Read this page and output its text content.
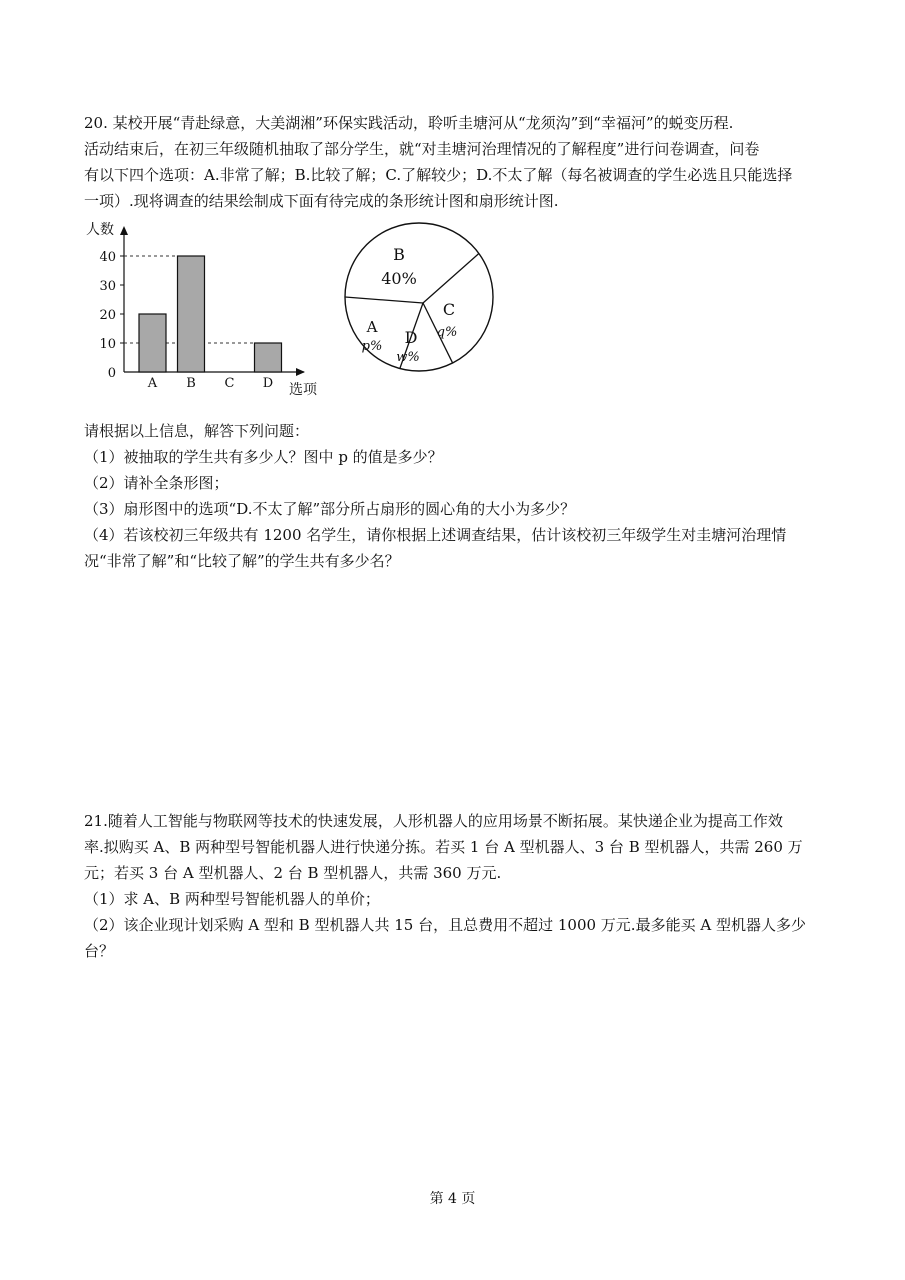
20. 某校开展“青赴绿意，大美湖湘”环保实践活动，聆听圭塘河从“龙须沟”到“幸福河”的蜕变历程.
活动结束后，在初三年级随机抽取了部分学生，就“对圭塘河治理情况的了解程度”进行问卷调查，问卷
有以下四个选项：A.非常了解；B.比较了解；C.了解较少；D.不太了解（每名被调查的学生必选且只能选择
一项）.现将调查的结果绘制成下面有待完成的条形统计图和扇形统计图.
人数
选项
0
10
20
30
40
A B C D
B
40%
C
q%
D
w%
A
p%
请根据以上信息，解答下列问题：
（1）被抽取的学生共有多少人？图中 p 的值是多少？
（2）请补全条形图；
（3）扇形图中的选项“D.不太了解”部分所占扇形的圆心角的大小为多少？
（4）若该校初三年级共有 1200 名学生，请你根据上述调查结果，估计该校初三年级学生对圭塘河治理情
况“非常了解”和“比较了解”的学生共有多少名？
21.随着人工智能与物联网等技术的快速发展，人形机器人的应用场景不断拓展。某快递企业为提高工作效
率.拟购买 A、B 两种型号智能机器人进行快递分拣。若买 1 台 A 型机器人、3 台 B 型机器人，共需 260 万
元；若买 3 台 A 型机器人、2 台 B 型机器人，共需 360 万元.
（1）求 A、B 两种型号智能机器人的单价；
（2）该企业现计划采购 A 型和 B 型机器人共 15 台，且总费用不超过 1000 万元.最多能买 A 型机器人多少
台？
第 4 页
